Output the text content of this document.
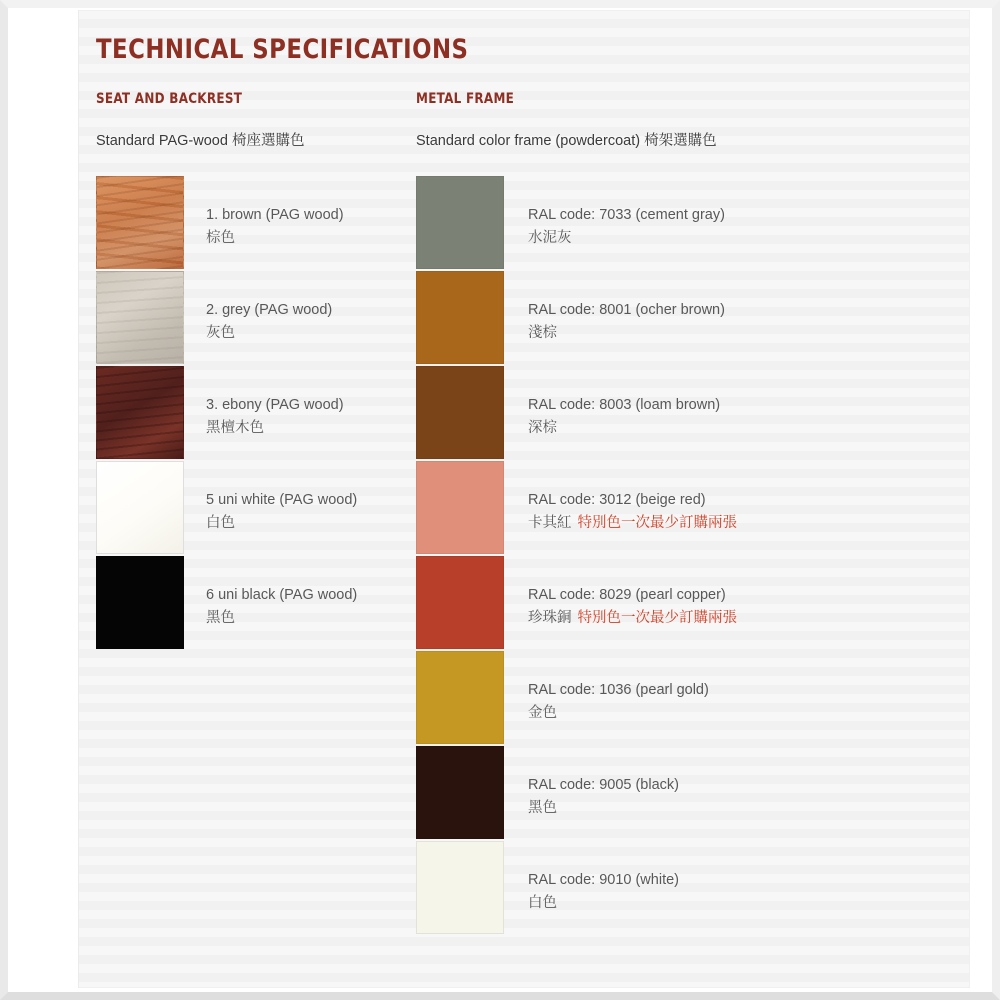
TECHNICAL SPECIFICATIONS
SEAT AND BACKREST
Standard PAG-wood 椅座選購色
1. brown (PAG wood)
棕色
2. grey (PAG wood)
灰色
3. ebony (PAG wood)
黑檀木色
5 uni white (PAG wood)
白色
6 uni black (PAG wood)
黑色
METAL FRAME
Standard color frame (powdercoat) 椅架選購色
RAL code: 7033 (cement gray)
水泥灰
RAL code: 8001 (ocher brown)
淺棕
RAL code: 8003 (loam brown)
深棕
RAL code: 3012 (beige red)
卡其紅 特別色一次最少訂購兩張
RAL code: 8029 (pearl copper)
珍珠銅 特別色一次最少訂購兩張
RAL code: 1036 (pearl gold)
金色
RAL code: 9005 (black)
黑色
RAL code: 9010 (white)
白色
